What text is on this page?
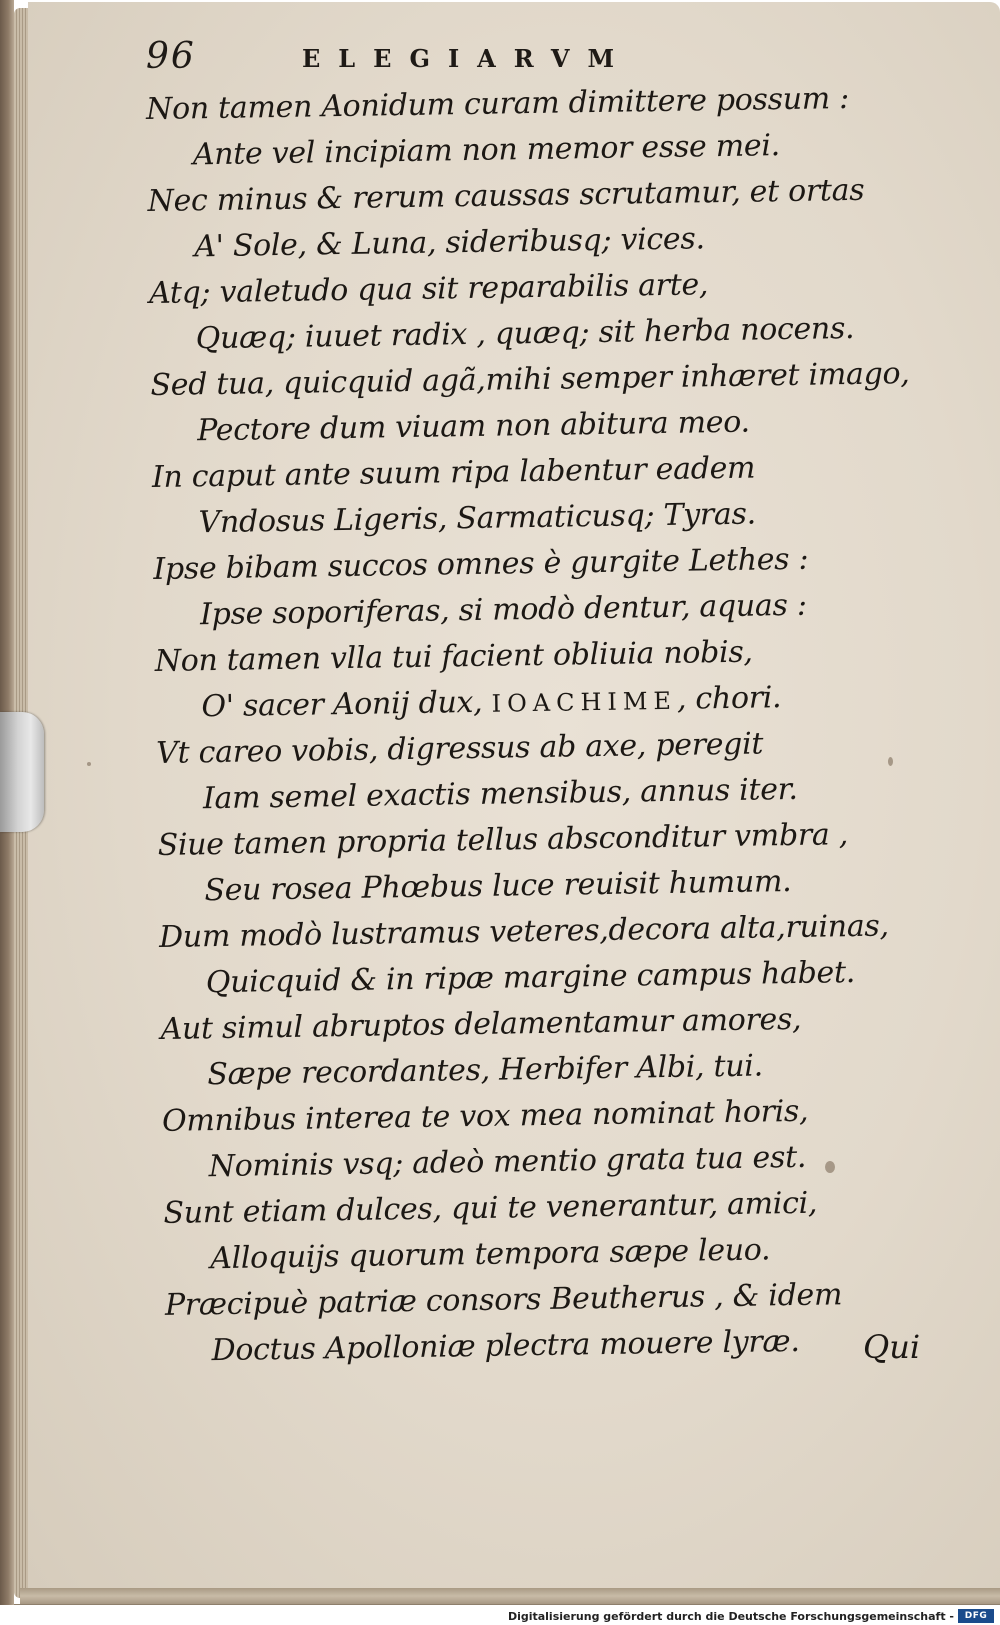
96	ELEGIARVM
Non tamen Aonidum curam dimittere possum :
Ante vel incipiam non memor esse mei.
Nec minus & rerum caussas scrutamur, et ortas
A' Sole, & Luna, sideribusq; vices.
Atq; valetudo qua sit reparabilis arte,
Quæq; iuuet radix , quæq; sit herba nocens.
Sed tua, quicquid agã,mihi semper inhæret imago,
Pectore dum viuam non abitura meo.
In caput ante suum ripa labentur eadem
Vndosus Ligeris, Sarmaticusq; Tyras.
Ipse bibam succos omnes è gurgite Lethes :
Ipse soporiferas, si modò dentur, aquas :
Non tamen vlla tui facient obliuia nobis,
O' sacer Aonij dux, IOACHIME, chori.
Vt careo vobis, digressus ab axe, peregit
Iam semel exactis mensibus, annus iter.
Siue tamen propria tellus absconditur vmbra ,
Seu rosea Phœbus luce reuisit humum.
Dum modò lustramus veteres,decora alta,ruinas,
Quicquid & in ripæ margine campus habet.
Aut simul abruptos delamentamur amores,
Sæpe recordantes, Herbifer Albi, tui.
Omnibus interea te vox mea nominat horis,
Nominis vsq; adeò mentio grata tua est.
Sunt etiam dulces, qui te venerantur, amici,
Alloquijs quorum tempora sæpe leuo.
Præcipuè patriæ consors Beutherus , & idem
Doctus Apolloniæ plectra mouere lyræ. Qui
Digitalisierung gefördert durch die Deutsche Forschungsgemeinschaft -	DFG
